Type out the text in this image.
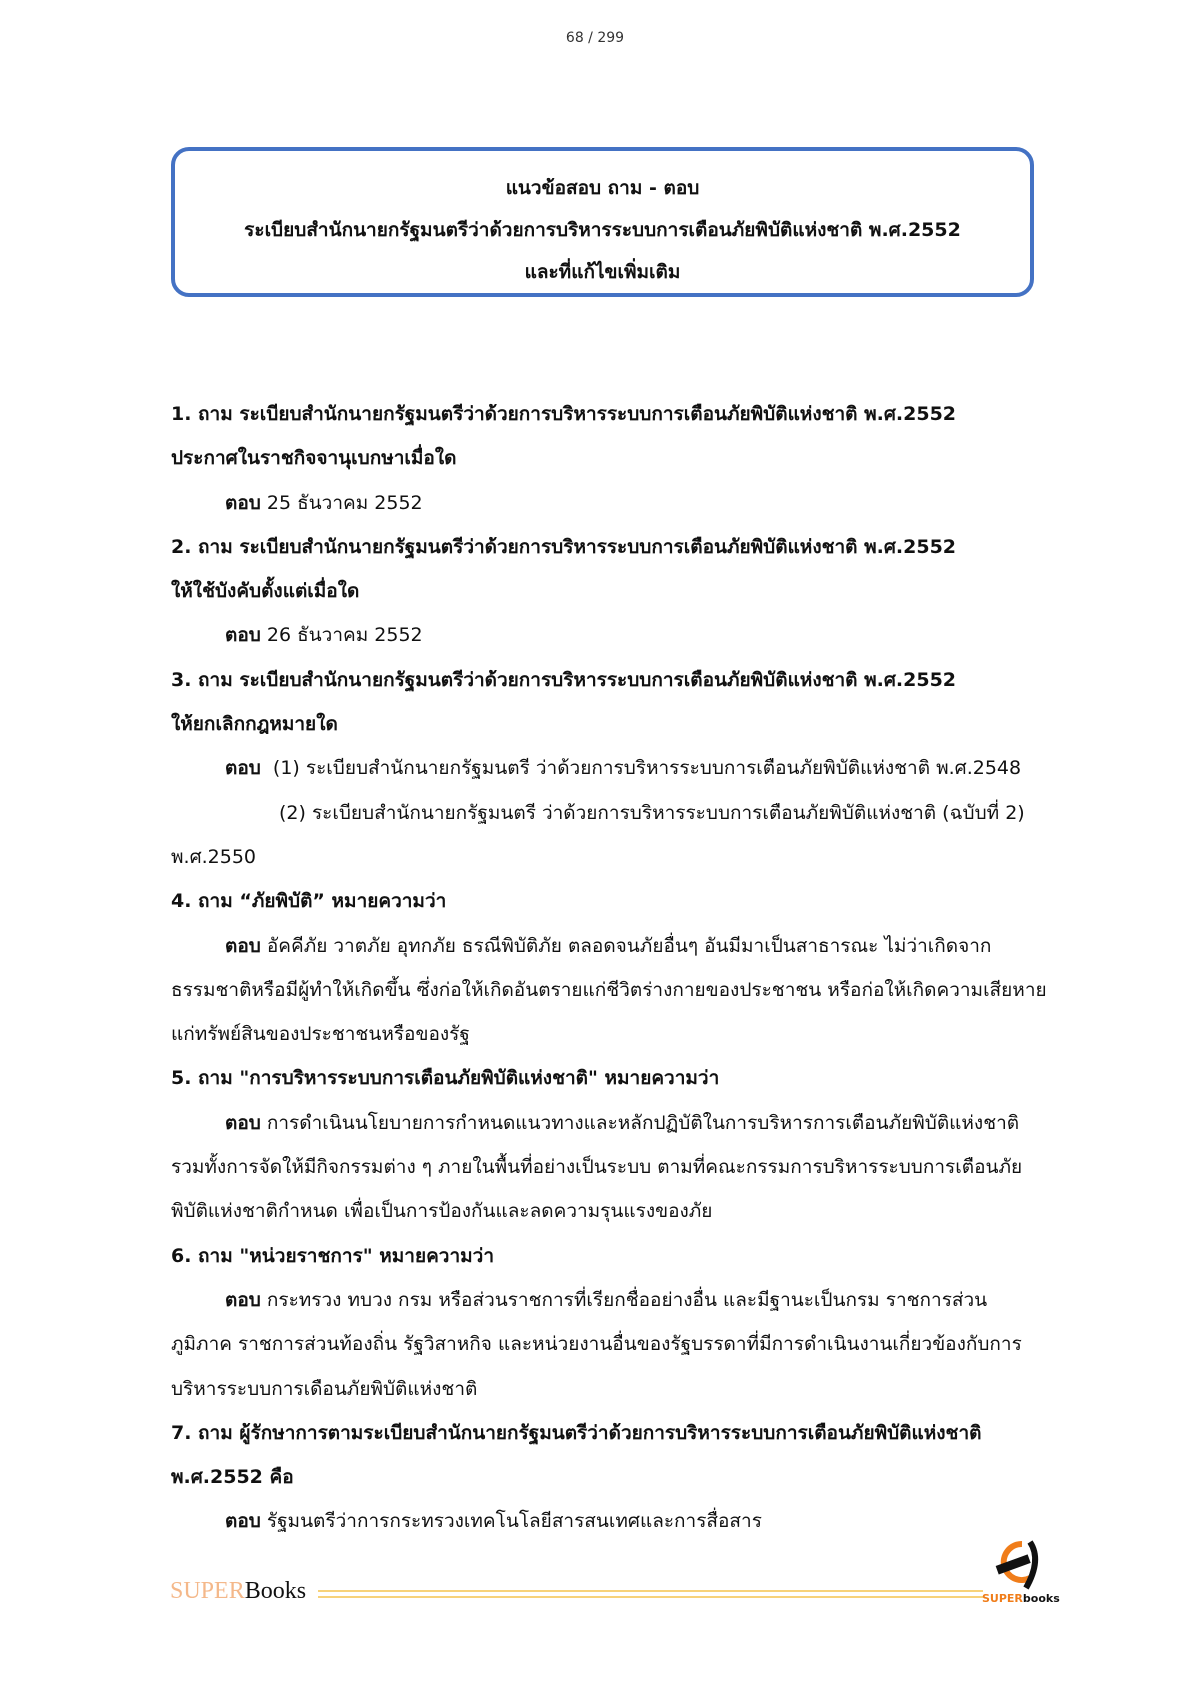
68 / 299
แนวข้อสอบ ถาม - ตอบ
ระเบียบสำนักนายกรัฐมนตรีว่าด้วยการบริหารระบบการเตือนภัยพิบัติแห่งชาติ พ.ศ.2552
และที่แก้ไขเพิ่มเติม
1. ถาม ระเบียบสำนักนายกรัฐมนตรีว่าด้วยการบริหารระบบการเตือนภัยพิบัติแห่งชาติ พ.ศ.2552
ประกาศในราชกิจจานุเบกษาเมื่อใด
ตอบ 25 ธันวาคม 2552
2. ถาม ระเบียบสำนักนายกรัฐมนตรีว่าด้วยการบริหารระบบการเตือนภัยพิบัติแห่งชาติ พ.ศ.2552
ให้ใช้บังคับตั้งแต่เมื่อใด
ตอบ 26 ธันวาคม 2552
3. ถาม ระเบียบสำนักนายกรัฐมนตรีว่าด้วยการบริหารระบบการเตือนภัยพิบัติแห่งชาติ พ.ศ.2552
ให้ยกเลิกกฎหมายใด
ตอบ (1) ระเบียบสำนักนายกรัฐมนตรี ว่าด้วยการบริหารระบบการเตือนภัยพิบัติแห่งชาติ พ.ศ.2548
(2) ระเบียบสำนักนายกรัฐมนตรี ว่าด้วยการบริหารระบบการเตือนภัยพิบัติแห่งชาติ (ฉบับที่ 2)
พ.ศ.2550
4. ถาม “ภัยพิบัติ” หมายความว่า
ตอบ อัคคีภัย วาตภัย อุทกภัย ธรณีพิบัติภัย ตลอดจนภัยอื่นๆ อันมีมาเป็นสาธารณะ ไม่ว่าเกิดจาก
ธรรมชาติหรือมีผู้ทำให้เกิดขึ้น ซึ่งก่อให้เกิดอันตรายแก่ชีวิตร่างกายของประชาชน หรือก่อให้เกิดความเสียหาย
แก่ทรัพย์สินของประชาชนหรือของรัฐ
5. ถาม "การบริหารระบบการเตือนภัยพิบัติแห่งชาติ" หมายความว่า
ตอบ การดำเนินนโยบายการกำหนดแนวทางและหลักปฏิบัติในการบริหารการเตือนภัยพิบัติแห่งชาติ
รวมทั้งการจัดให้มีกิจกรรมต่าง ๆ ภายในพื้นที่อย่างเป็นระบบ ตามที่คณะกรรมการบริหารระบบการเตือนภัย
พิบัติแห่งชาติกำหนด เพื่อเป็นการป้องกันและลดความรุนแรงของภัย
6. ถาม "หน่วยราชการ" หมายความว่า
ตอบ กระทรวง ทบวง กรม หรือส่วนราชการที่เรียกชื่ออย่างอื่น และมีฐานะเป็นกรม ราชการส่วน
ภูมิภาค ราชการส่วนท้องถิ่น รัฐวิสาหกิจ และหน่วยงานอื่นของรัฐบรรดาที่มีการดำเนินงานเกี่ยวข้องกับการ
บริหารระบบการเดือนภัยพิบัติแห่งชาติ
7. ถาม ผู้รักษาการตามระเบียบสำนักนายกรัฐมนตรีว่าด้วยการบริหารระบบการเตือนภัยพิบัติแห่งชาติ
พ.ศ.2552 คือ
ตอบ รัฐมนตรีว่าการกระทรวงเทคโนโลยีสารสนเทศและการสื่อสาร
SUPERBooks	SUPERbooks
